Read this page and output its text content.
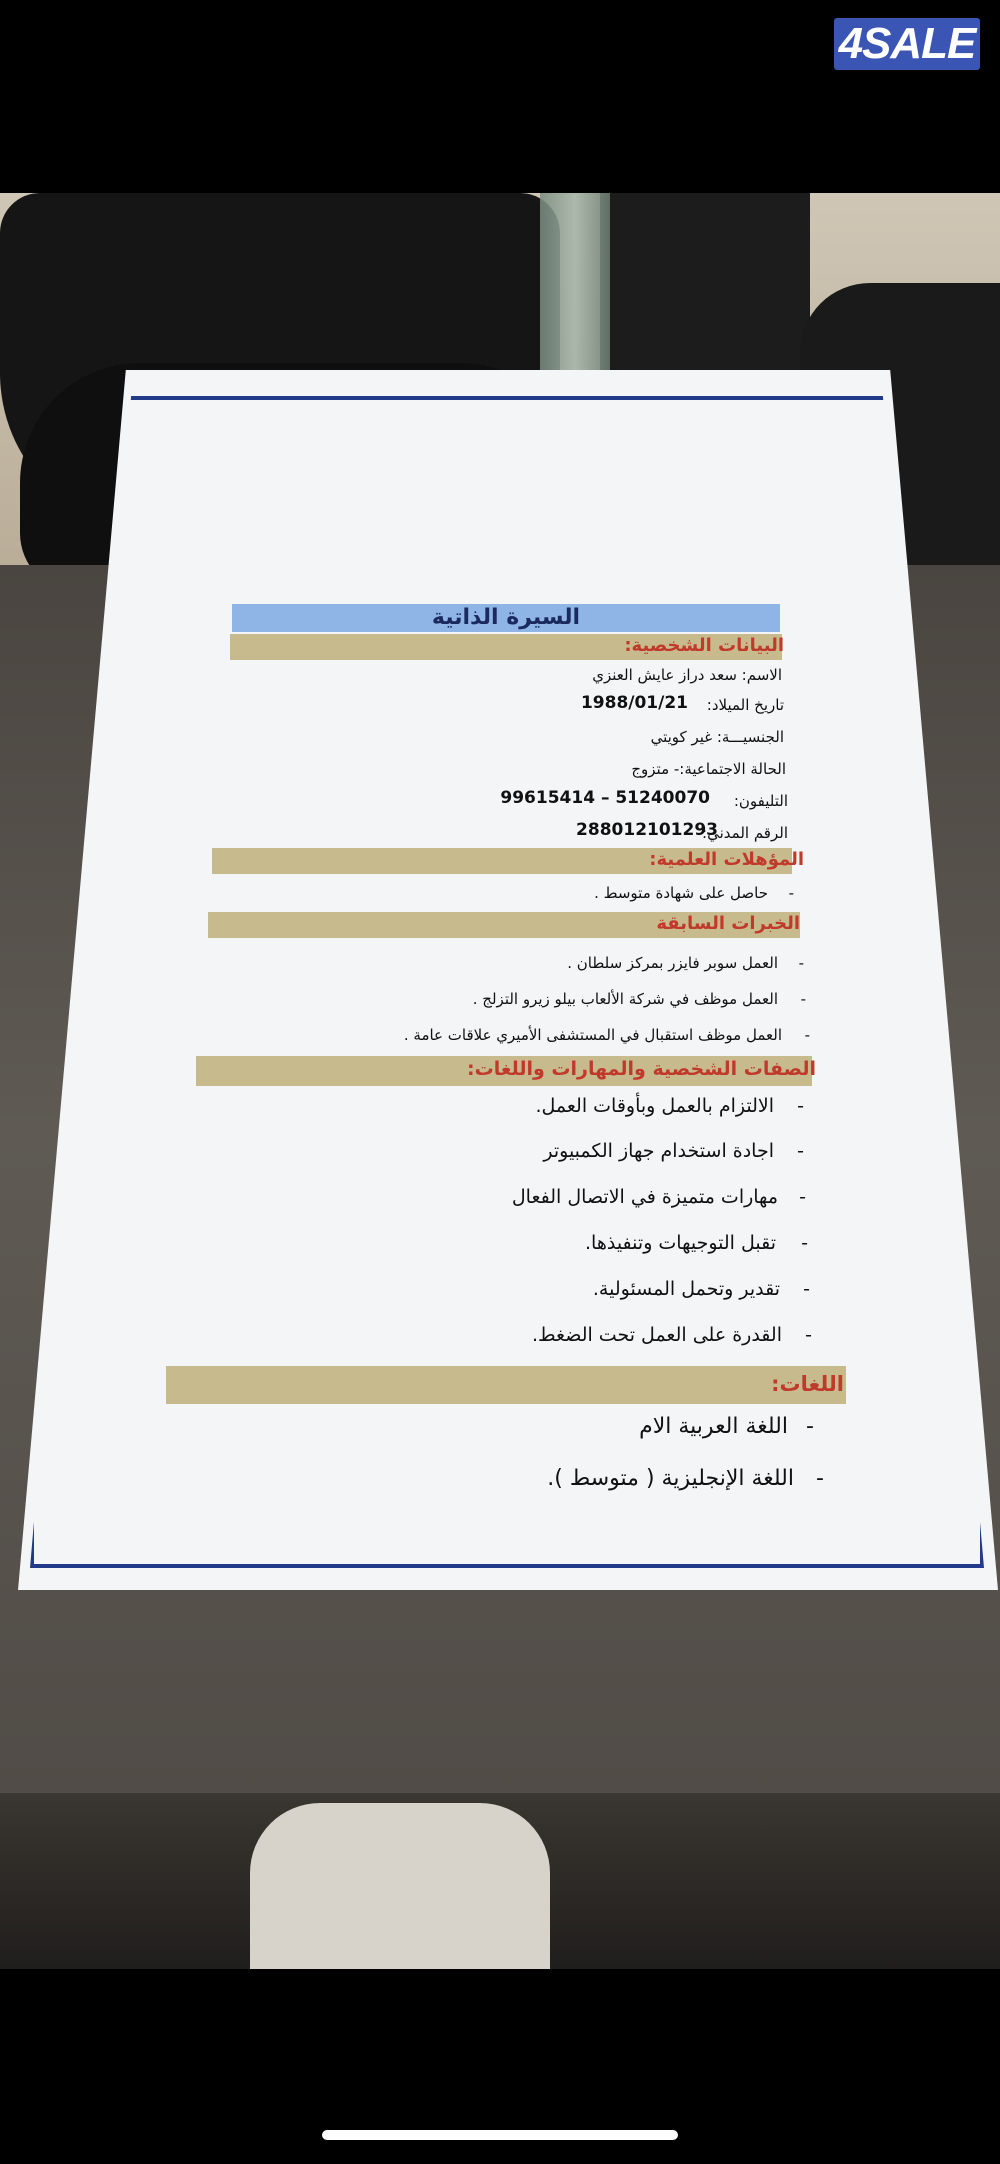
4SALE
السيرة الذاتية
البيانات الشخصية:
الاسم: سعد دراز عايش العنزي
تاريخ الميلاد:
1988/01/21
الجنسيـــة: غير كويتي
الحالة الاجتماعية:- متزوج
التليفون:
99615414 – 51240070
الرقم المدني:
288012101293
المؤهلات العلمية:
-
حاصل على شهادة متوسط .
الخبرات السابقة
-
العمل سوبر فايزر بمركز سلطان .
-
العمل موظف في شركة الألعاب بيلو زيرو التزلج .
-
العمل موظف استقبال في المستشفى الأميري علاقات عامة .
الصفات الشخصية والمهارات واللغات:
-
الالتزام بالعمل وبأوقات العمل.
-
اجادة استخدام جهاز الكمبيوتر
-
مهارات متميزة في الاتصال الفعال
-
تقبل التوجيهات وتنفيذها.
-
تقدير وتحمل المسئولية.
-
القدرة على العمل تحت الضغط.
اللغات:
-
اللغة العربية الام
-
اللغة الإنجليزية ( متوسط ).
